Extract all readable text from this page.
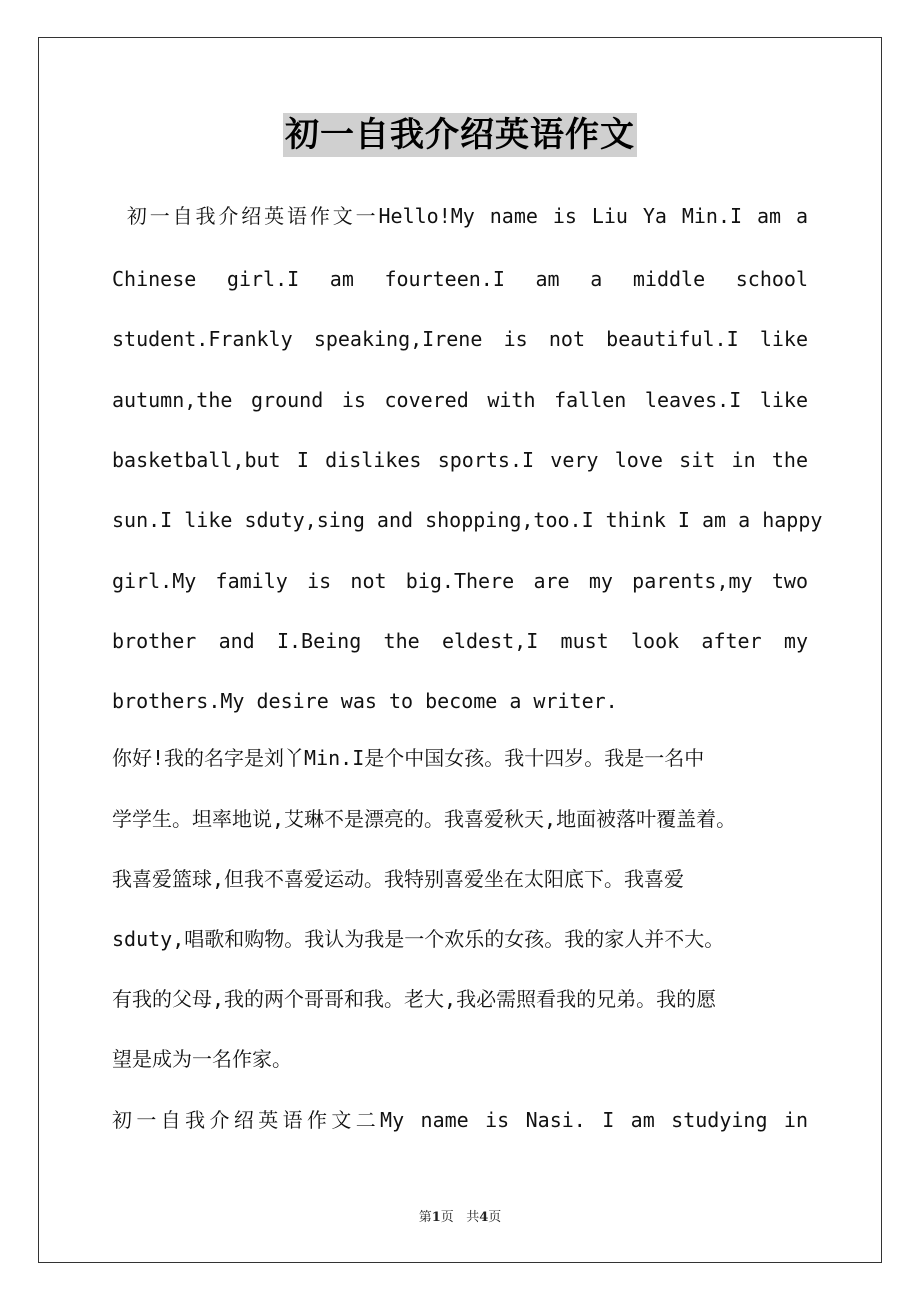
初一自我介绍英语作文
初一自我介绍英语作文一Hello!My name is Liu Ya Min.I am a
Chinese girl.I am fourteen.I am a middle school
student.Frankly speaking,Irene is not beautiful.I like
autumn,the ground is covered with fallen leaves.I like
basketball,but I dislikes sports.I very love sit in the
sun.I like sduty,sing and shopping,too.I think I am a happy
girl.My family is not big.There are my parents,my two
brother and I.Being the eldest,I must look after my
brothers.My desire was to become a writer.
你好!我的名字是刘丫Min.I是个中国女孩。我十四岁。我是一名中
学学生。坦率地说,艾琳不是漂亮的。我喜爱秋天,地面被落叶覆盖着。
我喜爱篮球,但我不喜爱运动。我特别喜爱坐在太阳底下。我喜爱
sduty,唱歌和购物。我认为我是一个欢乐的女孩。我的家人并不大。
有我的父母,我的两个哥哥和我。老大,我必需照看我的兄弟。我的愿
望是成为一名作家。
初一自我介绍英语作文二My name is Nasi. I am studying in
第1页 共4页
